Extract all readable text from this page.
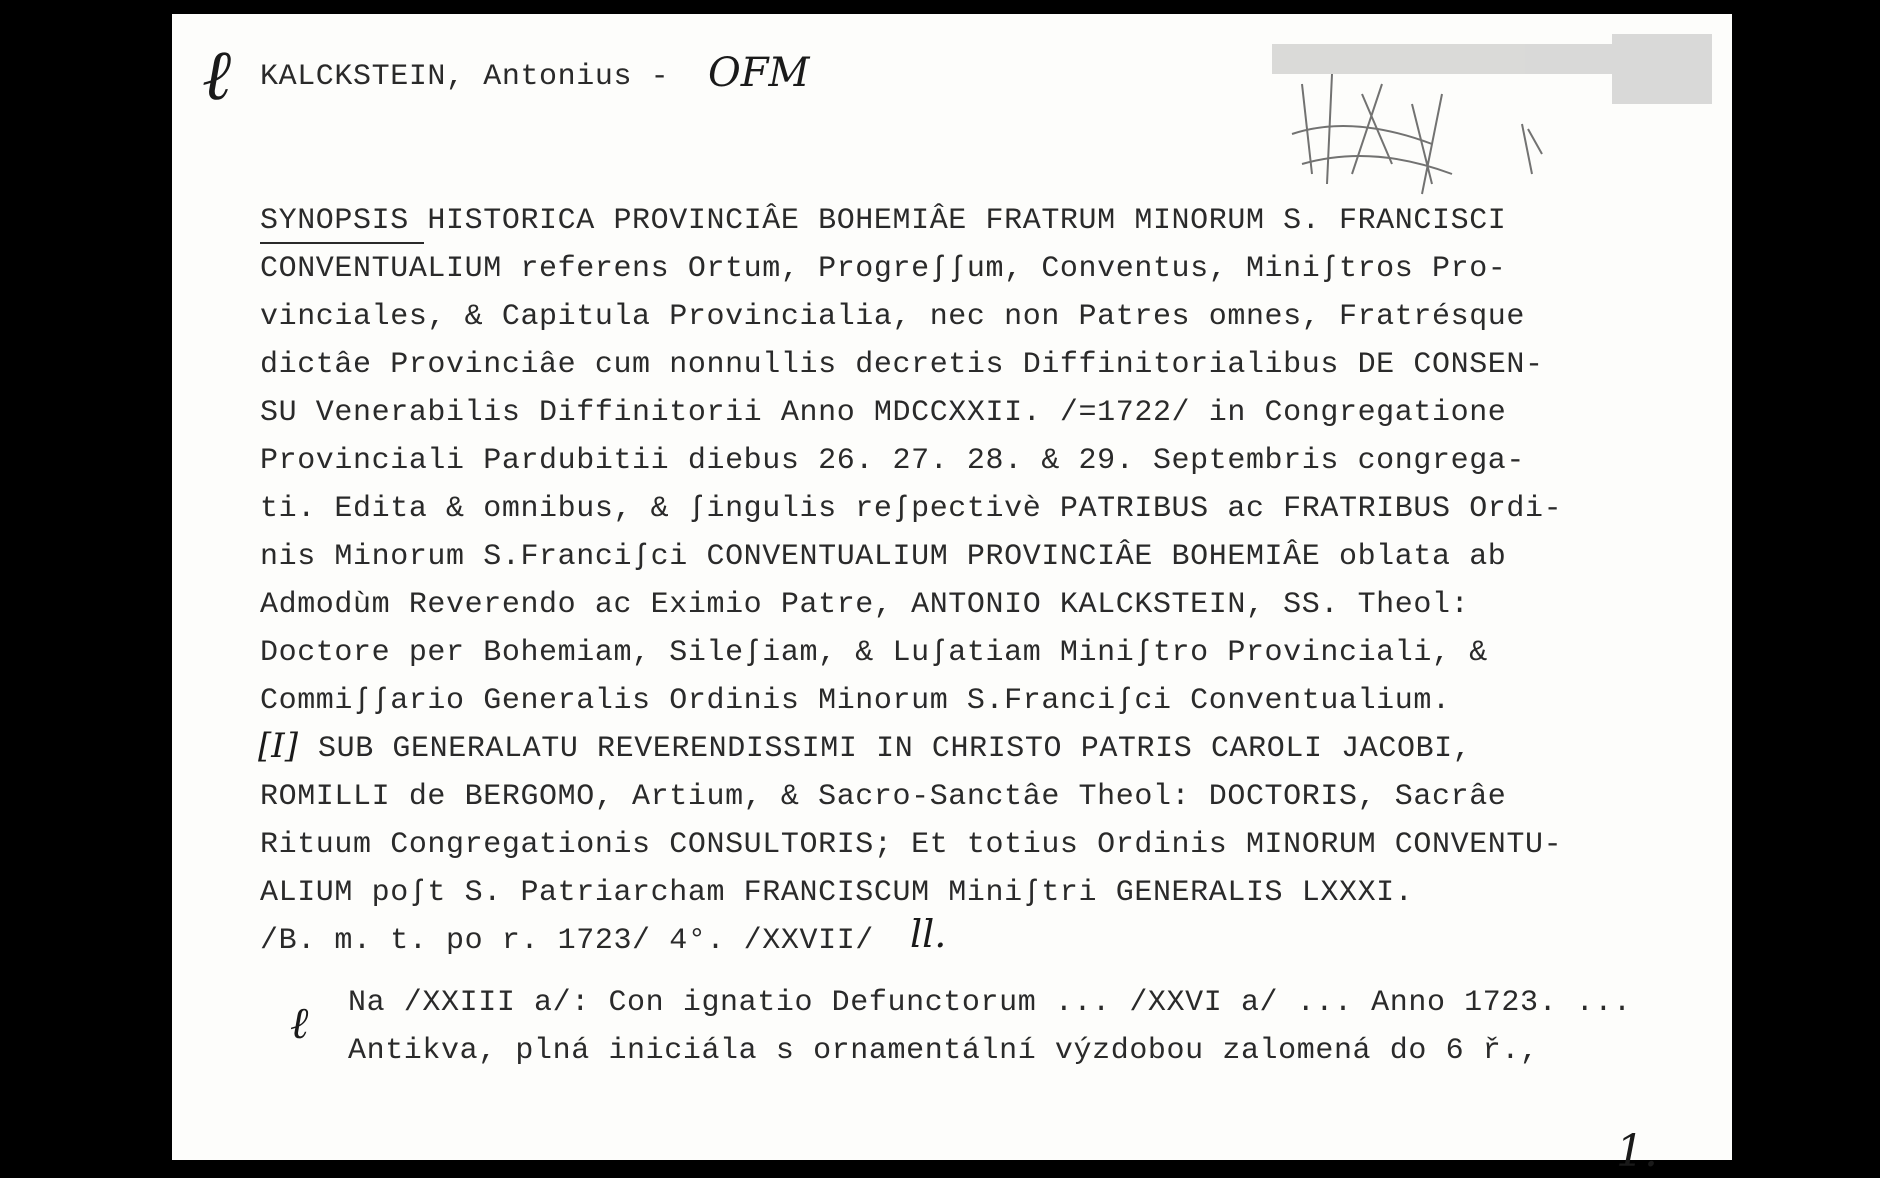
ℓ KALCKSTEIN, Antonius - OFM
SYNOPSIS HISTORICA PROVINCIÂE BOHEMIÂE FRATRUM MINORUM S. FRANCISCI
CONVENTUALIUM referens Ortum, Progreʃʃum, Conventus, Miniʃtros Pro-
vinciales, & Capitula Provincialia, nec non Patres omnes, Fratrésque
dictâe Provinciâe cum nonnullis decretis Diffinitorialibus DE CONSEN-
SU Venerabilis Diffinitorii Anno MDCCXXII. /=1722/ in Congregatione
Provinciali Pardubitii diebus 26. 27. 28. & 29. Septembris congrega-
ti. Edita & omnibus, & ʃingulis reʃpectivè PATRIBUS ac FRATRIBUS Ordi-
nis Minorum S.Franciʃci CONVENTUALIUM PROVINCIÂE BOHEMIÂE oblata ab
Admodùm Reverendo ac Eximio Patre, ANTONIO KALCKSTEIN, SS. Theol:
Doctore per Bohemiam, Sileʃiam, & Luʃatiam Miniʃtro Provinciali, &
Commiʃʃario Generalis Ordinis Minorum S.Franciʃci Conventualium.
[I] SUB GENERALATU REVERENDISSIMI IN CHRISTO PATRIS CAROLI JACOBI,
ROMILLI de BERGOMO, Artium, & Sacro-Sanctâe Theol: DOCTORIS, Sacrâe
Rituum Congregationis CONSULTORIS; Et totius Ordinis MINORUM CONVENTU-
ALIUM poʃt S. Patriarcham FRANCISCUM Miniʃtri GENERALIS LXXXI.
/B. m. t. po r. 1723/ 4°. /XXVII/ ll.
ℓ Na /XXIII a/: Con ignatio Defunctorum ... /XXVI a/ ... Anno 1723. ...
Antikva, plná iniciála s ornamentální výzdobou zalomená do 6 ř.,
1.
